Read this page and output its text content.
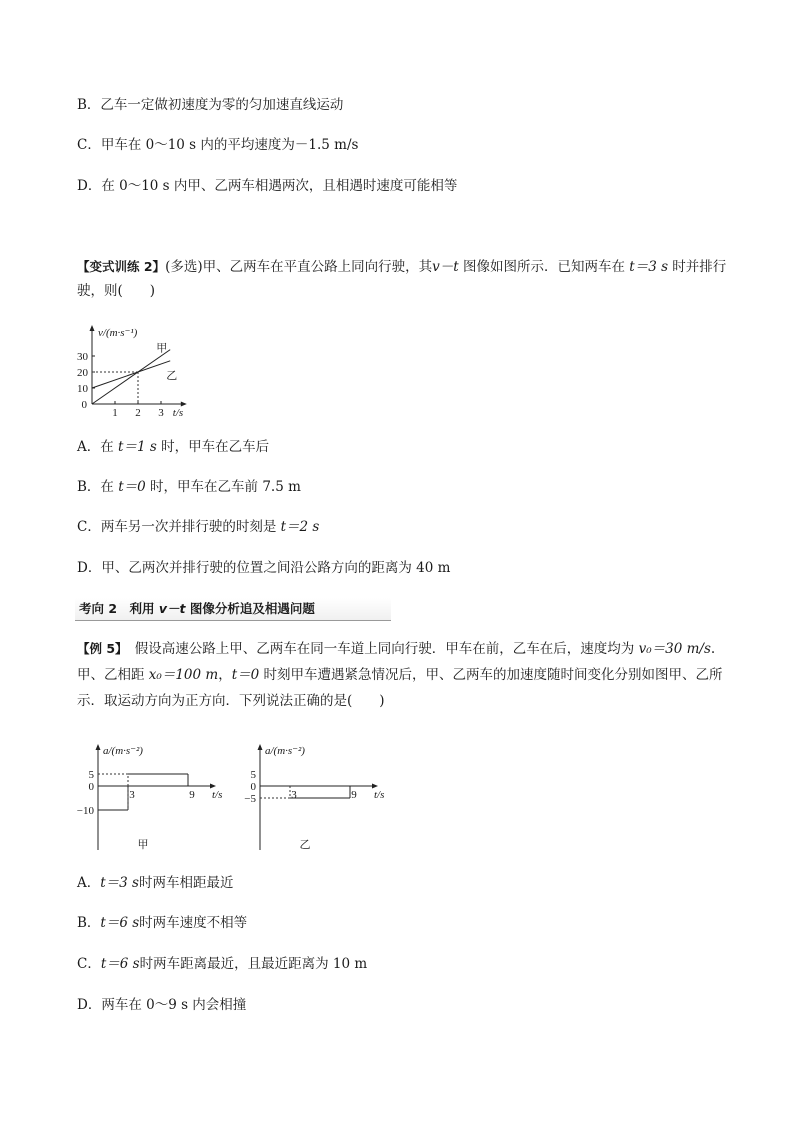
B．乙车一定做初速度为零的匀加速直线运动
C．甲车在 0～10 s 内的平均速度为－1.5 m/s
D．在 0～10 s 内甲、乙两车相遇两次，且相遇时速度可能相等
【变式训练 2】(多选)甲、乙两车在平直公路上同向行驶，其v－t 图像如图所示．已知两车在 t＝3 s 时并排行
驶，则(　　)
1 2 3
10
20
30
0
甲
乙
v/(m·s⁻¹)
t/s
A．在 t＝1 s 时，甲车在乙车后
B．在 t＝0 时，甲车在乙车前 7.5 m
C．两车另一次并排行驶的时刻是 t＝2 s
D．甲、乙两次并排行驶的位置之间沿公路方向的距离为 40 m
考向 2　利用 v－t 图像分析追及相遇问题
【例 5】　假设高速公路上甲、乙两车在同一车道上同向行驶．甲车在前，乙车在后，速度均为 v₀＝30 m/s.甲、乙相距 x₀＝100 m，t＝0 时刻甲车遭遇紧急情况后，甲、乙两车的加速度随时间变化分别如图甲、乙所示．取运动方向为正方向．下列说法正确的是(　　)
a/(m·s⁻²)
t/s
5
0
−10
3	9
甲
a/(m·s⁻²)
t/s
5
0
−5	3	9
乙
A．t＝3 s时两车相距最近
B．t＝6 s时两车速度不相等
C．t＝6 s时两车距离最近，且最近距离为 10 m
D．两车在 0～9 s 内会相撞
